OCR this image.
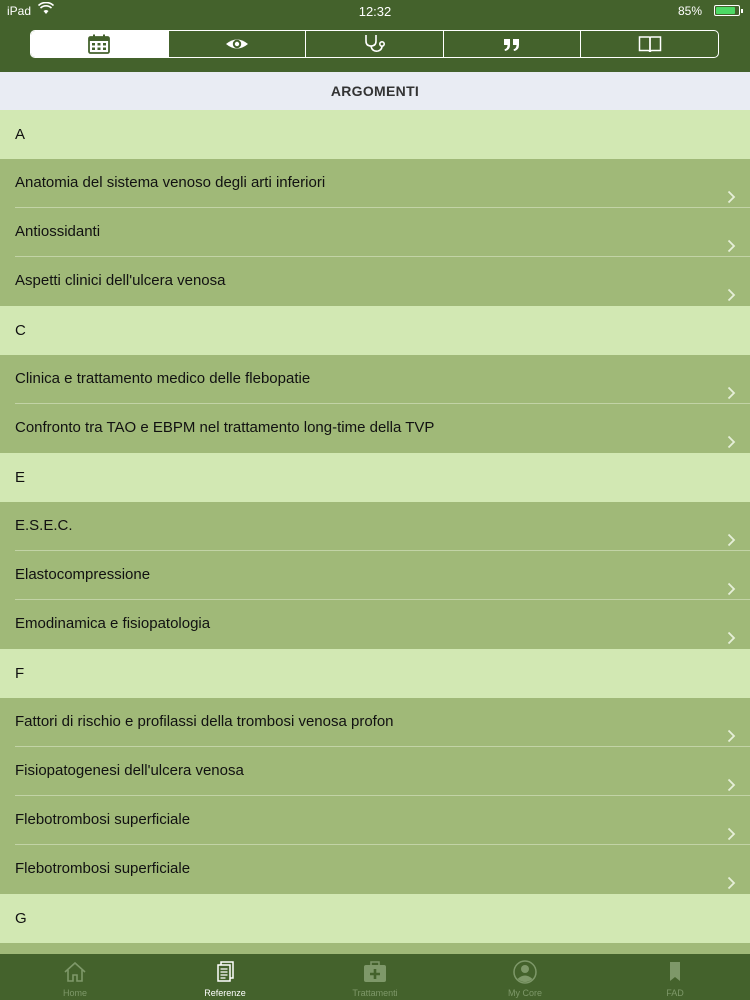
iPad	12:32	85%
ARGOMENTI
A
Anatomia del sistema venoso degli arti inferiori
Antiossidanti
Aspetti clinici dell'ulcera venosa
C
Clinica e trattamento medico delle flebopatie
Confronto tra TAO e EBPM nel trattamento long-time della TVP
E
E.S.E.C.
Elastocompressione
Emodinamica e fisiopatologia
F
Fattori di rischio e profilassi della trombosi venosa profon
Fisiopatogenesi dell'ulcera venosa
Flebotrombosi superficiale
Flebotrombosi superficiale
G
Home	Referenze	Trattamenti	My Core	FAD
